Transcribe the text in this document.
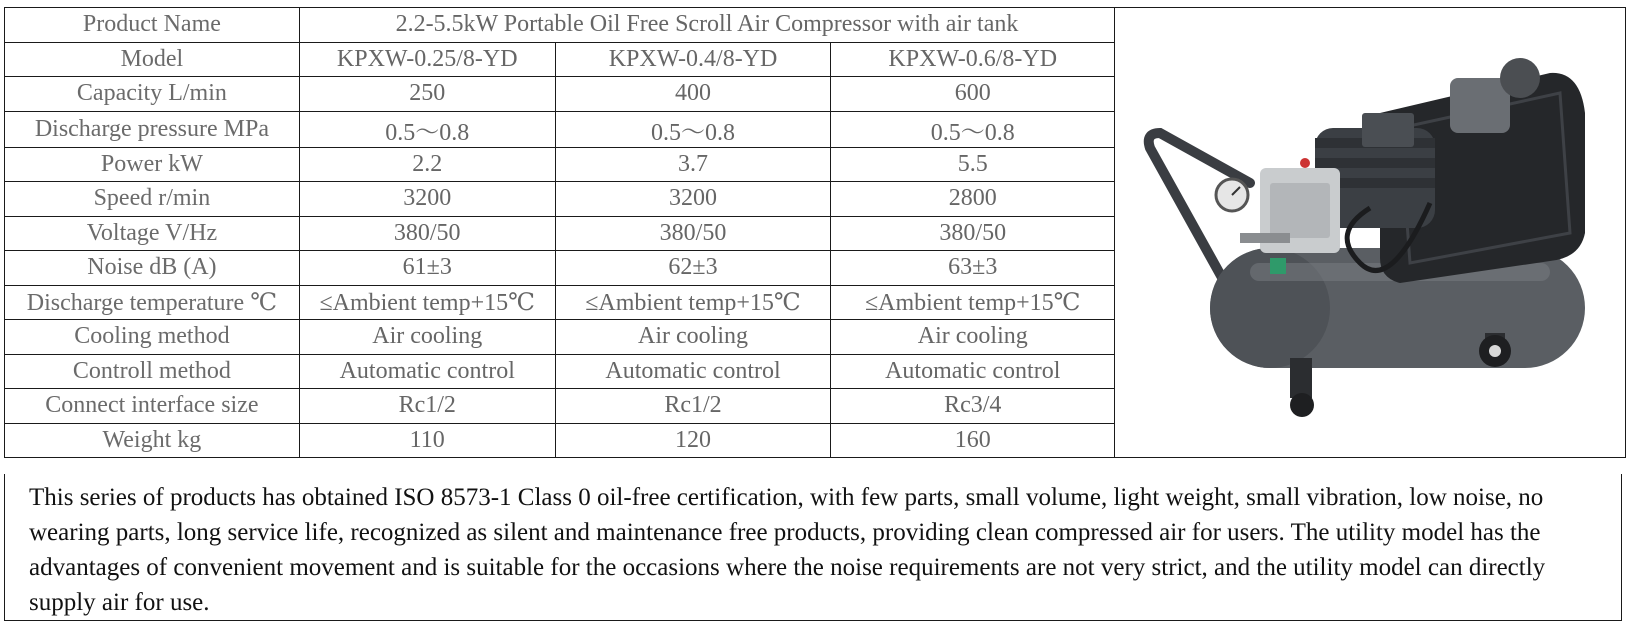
Product Name	2.2-5.5kW Portable Oil Free Scroll Air Compressor with air tank	

Model	KPXW-0.25/8-YD	KPXW-0.4/8-YD	KPXW-0.6/8-YD	
Capacity L/min	250	400	600	
Discharge pressure MPa	0.5～0.8	0.5～0.8	0.5～0.8	
Power kW	2.2	3.7	5.5	
Speed r/min	3200	3200	2800	
Voltage V/Hz	380/50	380/50	380/50	
Noise dB (A)	61±3	62±3	63±3	
Discharge temperature ℃	≤Ambient temp+15℃	≤Ambient temp+15℃	≤Ambient temp+15℃	
Cooling method	Air cooling	Air cooling	Air cooling	
Controll method	Automatic control	Automatic control	Automatic control	
Connect interface size	Rc1/2	Rc1/2	Rc3/4	
Weight kg	110	120	160	
This series of products has obtained ISO 8573-1 Class 0 oil-free certification, with few parts, small volume, light weight, small vibration, low noise, no wearing parts, long service life, recognized as silent and maintenance free products, providing clean compressed air for users. The utility model has the advantages of convenient movement and is suitable for the occasions where the noise requirements are not very strict, and the utility model can directly supply air for use.
